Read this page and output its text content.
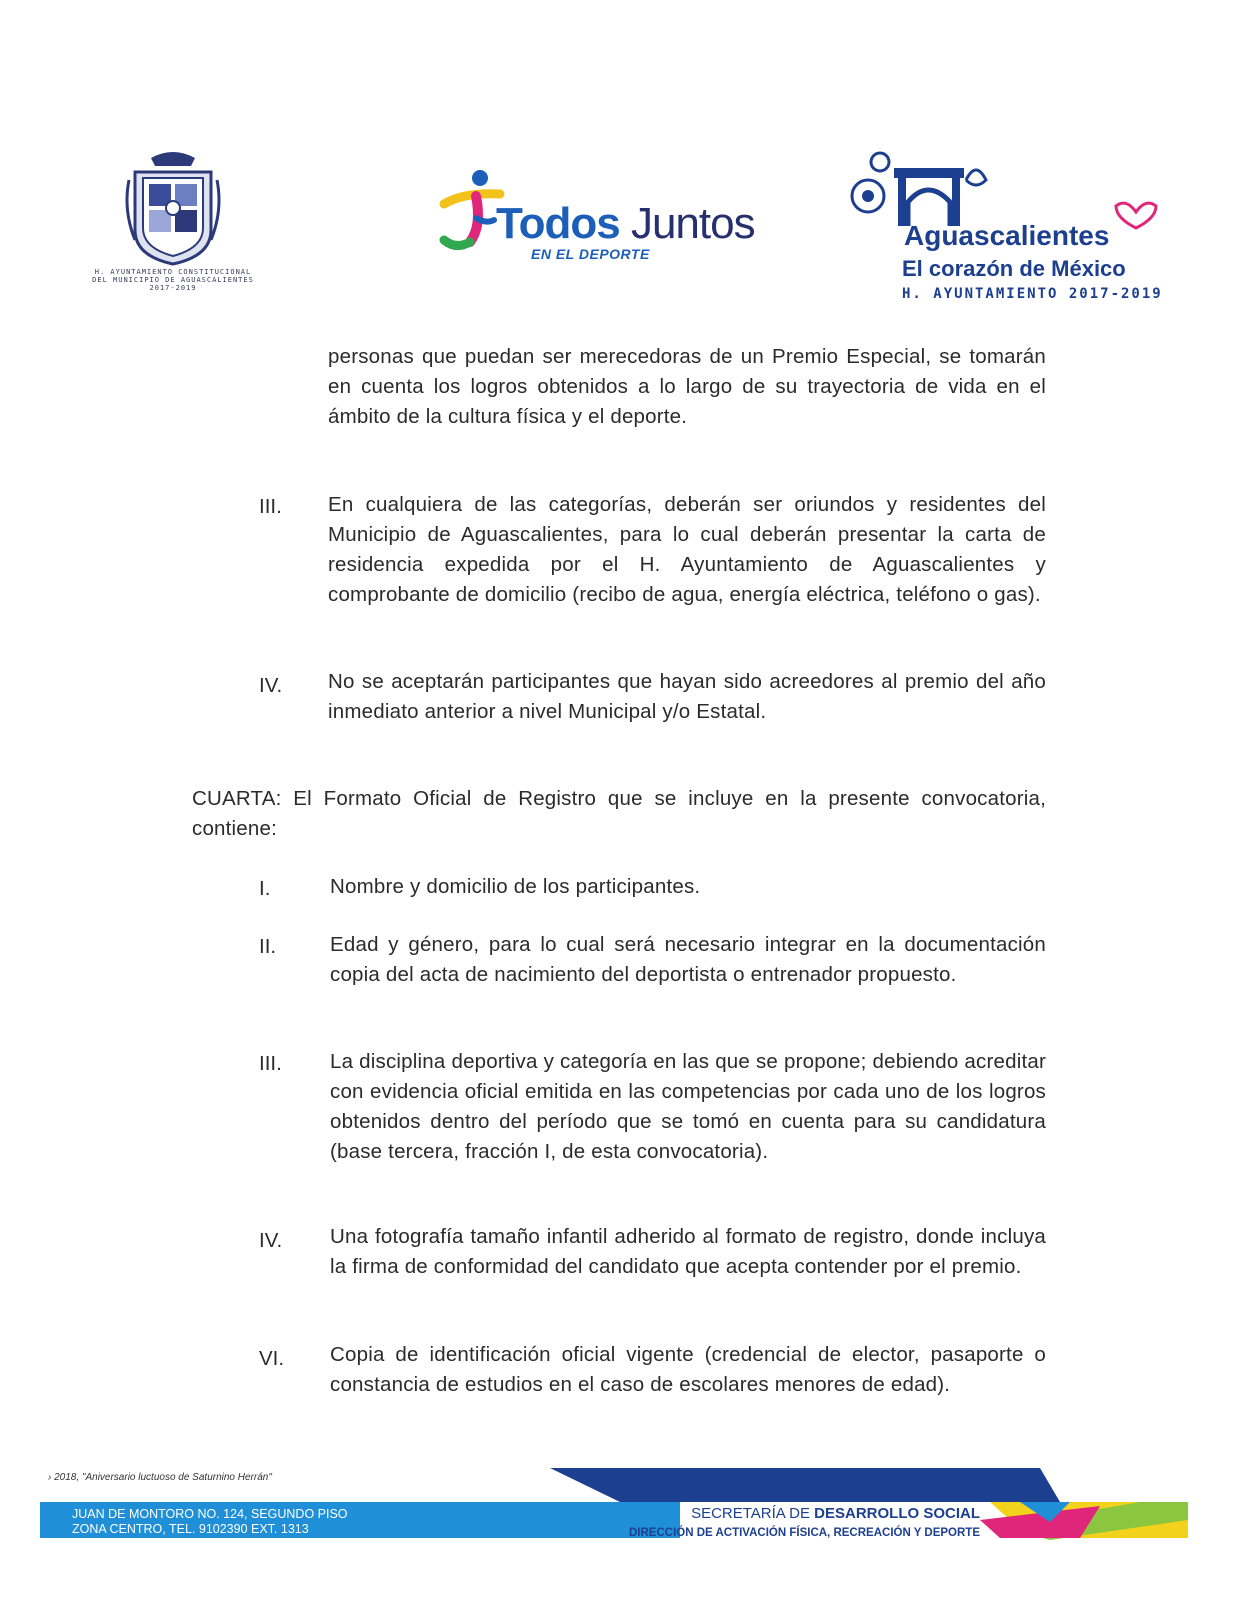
H. AYUNTAMIENTO CONSTITUCIONAL
DEL MUNICIPIO DE AGUASCALIENTES
2017-2019
Todos Juntos
EN EL DEPORTE
Aguascalientes
El corazón de México
H. AYUNTAMIENTO 2017-2019
personas que puedan ser merecedoras de un Premio Especial, se tomarán en cuenta los logros obtenidos a lo largo de su trayectoria de vida en el ámbito de la cultura física y el deporte.
III. En cualquiera de las categorías, deberán ser oriundos y residentes del Municipio de Aguascalientes, para lo cual deberán presentar la carta de residencia expedida por el H. Ayuntamiento de Aguascalientes y comprobante de domicilio (recibo de agua, energía eléctrica, teléfono o gas).
IV. No se aceptarán participantes que hayan sido acreedores al premio del año inmediato anterior a nivel Municipal y/o Estatal.
CUARTA: El Formato Oficial de Registro que se incluye en la presente convocatoria, contiene:
I.	Nombre y domicilio de los participantes.
II.	Edad y género, para lo cual será necesario integrar en la documentación copia del acta de nacimiento del deportista o entrenador propuesto.
III. La disciplina deportiva y categoría en las que se propone; debiendo acreditar con evidencia oficial emitida en las competencias por cada uno de los logros obtenidos dentro del período que se tomó en cuenta para su candidatura (base tercera, fracción I, de esta convocatoria).
IV. Una fotografía tamaño infantil adherido al formato de registro, donde incluya la firma de conformidad del candidato que acepta contender por el premio.
VI. Copia de identificación oficial vigente (credencial de elector, pasaporte o constancia de estudios en el caso de escolares menores de edad).
› 2018, "Aniversario luctuoso de Saturnino Herrán"
JUAN DE MONTORO NO. 124, SEGUNDO PISO
ZONA CENTRO, TEL. 9102390 EXT. 1313
SECRETARÍA DE DESARROLLO SOCIAL
DIRECCIÓN DE ACTIVACIÓN FÍSICA, RECREACIÓN Y DEPORTE
